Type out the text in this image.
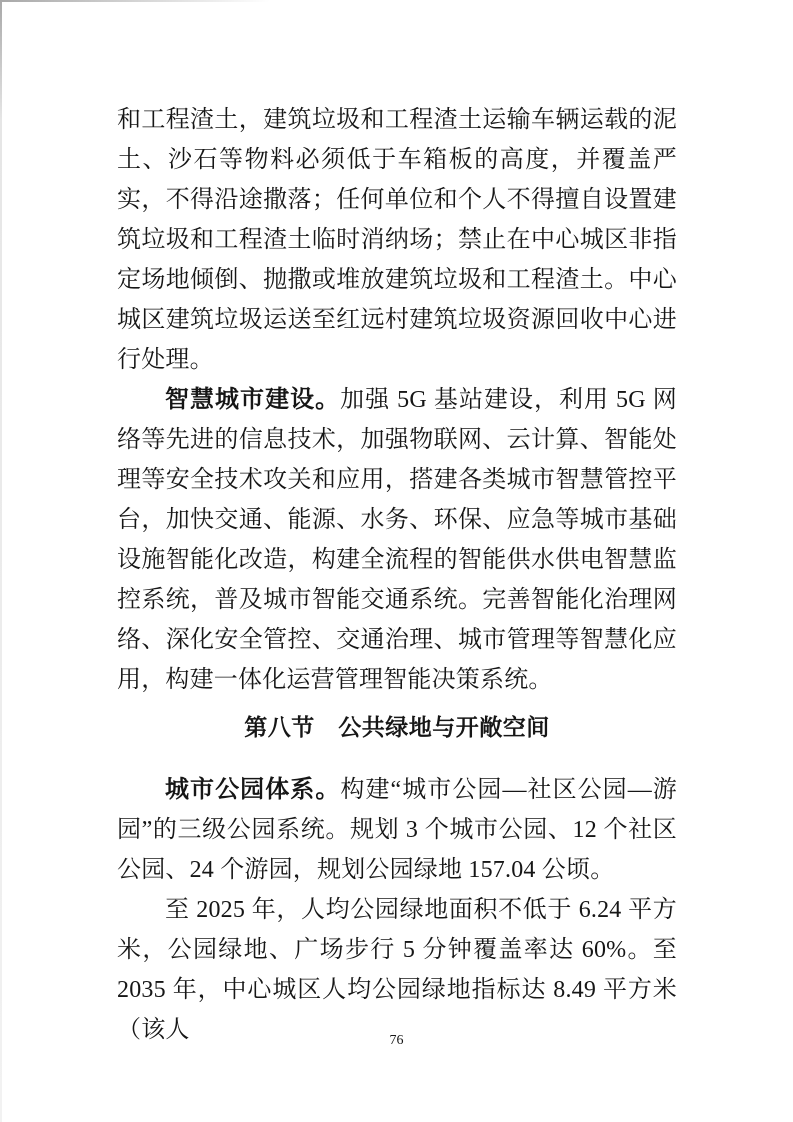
和工程渣土，建筑垃圾和工程渣土运输车辆运载的泥土、沙石等物料必须低于车箱板的高度，并覆盖严实，不得沿途撒落；任何单位和个人不得擅自设置建筑垃圾和工程渣土临时消纳场；禁止在中心城区非指定场地倾倒、抛撒或堆放建筑垃圾和工程渣土。中心城区建筑垃圾运送至红远村建筑垃圾资源回收中心进行处理。

智慧城市建设。加强 5G 基站建设，利用 5G 网络等先进的信息技术，加强物联网、云计算、智能处理等安全技术攻关和应用，搭建各类城市智慧管控平台，加快交通、能源、水务、环保、应急等城市基础设施智能化改造，构建全流程的智能供水供电智慧监控系统，普及城市智能交通系统。完善智能化治理网络、深化安全管控、交通治理、城市管理等智慧化应用，构建一体化运营管理智能决策系统。

第八节　公共绿地与开敞空间

城市公园体系。构建“城市公园—社区公园—游园”的三级公园系统。规划 3 个城市公园、12 个社区公园、24 个游园，规划公园绿地 157.04 公顷。

至 2025 年，人均公园绿地面积不低于 6.24 平方米，公园绿地、广场步行 5 分钟覆盖率达 60%。至 2035 年，中心城区人均公园绿地指标达 8.49 平方米（该人	76
